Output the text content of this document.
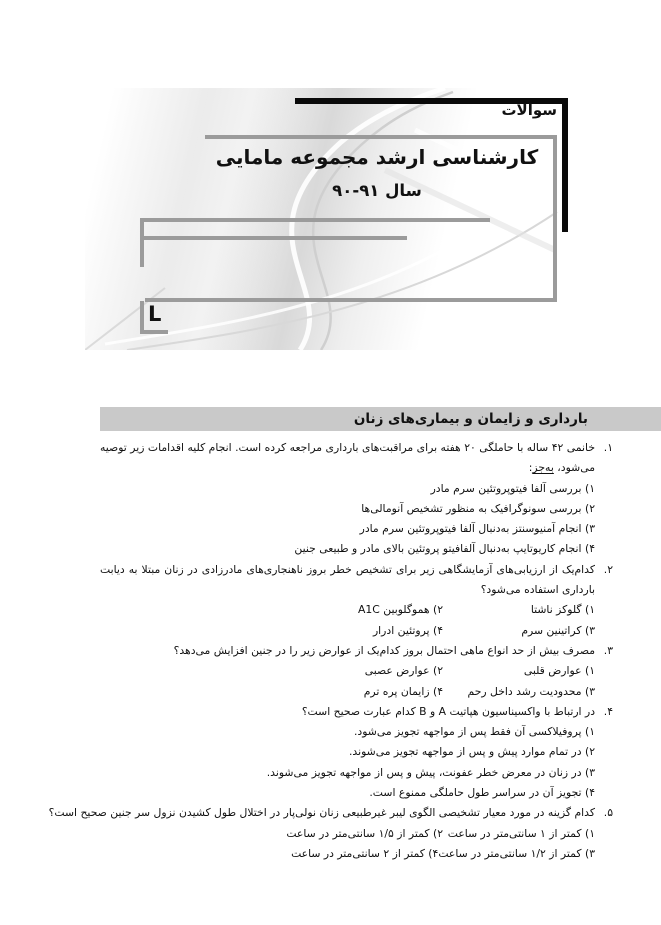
سوالات
L
کارشناسی ارشد مجموعه مامایی
سال ۹۱-۹۰
بارداری و زایمان و بیماری‌های زنان
۱.

خانمی ۴۲ ساله با حاملگی ۲۰ هفته برای مراقبت‌های بارداری مراجعه کرده است. انجام کلیه اقدامات زیر توصیه می‌شود، به‌جز:

۱) بررسی آلفا فیتوپروتئین سرم مادر
۲) بررسی سونوگرافیک به منظور تشخیص آنومالی‌ها
۳) انجام آمنیوسنتز به‌دنبال آلفا فیتوپروتئین سرم مادر
۴) انجام کاریوتایپ به‌دنبال آلفافیتو پروتئین بالای مادر و طبیعی جنین
۲.

کدام‌یک از ارزیابی‌های آزمایشگاهی زیر برای تشخیص خطر بروز ناهنجاری‌های مادرزادی در زنان مبتلا به دیابت بارداری استفاده می‌شود؟

۱) گلوکز ناشتا
۲) هموگلوبین A1C
۳) کراتینین سرم
۴) پروتئین ادرار
۳.

مصرف بیش از حد انواع ماهی احتمال بروز کدام‌یک از عوارض زیر را در جنین افزایش می‌دهد؟

۱) عوارض قلبی
۲) عوارض عصبی
۳) محدودیت رشد داخل رحم
۴) زایمان پره ترم
۴.

در ارتباط با واکسیناسیون هپاتیت A و B کدام عبارت صحیح است؟

۱) پروفیلاکسی آن فقط پس از مواجهه تجویز می‌شود.
۲) در تمام موارد پیش و پس از مواجهه تجویز می‌شوند.
۳) در زنان در معرض خطر عفونت، پیش و پس از مواجهه تجویز می‌شوند.
۴) تجویز آن در سراسر طول حاملگی ممنوع است.
۵.

کدام گزینه در مورد معیار تشخیصی الگوی لیبر غیرطبیعی زنان نولی‌پار در اختلال طول کشیدن نزول سر جنین صحیح است؟

۱) کمتر از ۱ سانتی‌متر در ساعت
۲) کمتر از ۱/۵ سانتی‌متر در ساعت
۳) کمتر از ۱/۲ سانتی‌متر در ساعت
۴) کمتر از ۲ سانتی‌متر در ساعت
